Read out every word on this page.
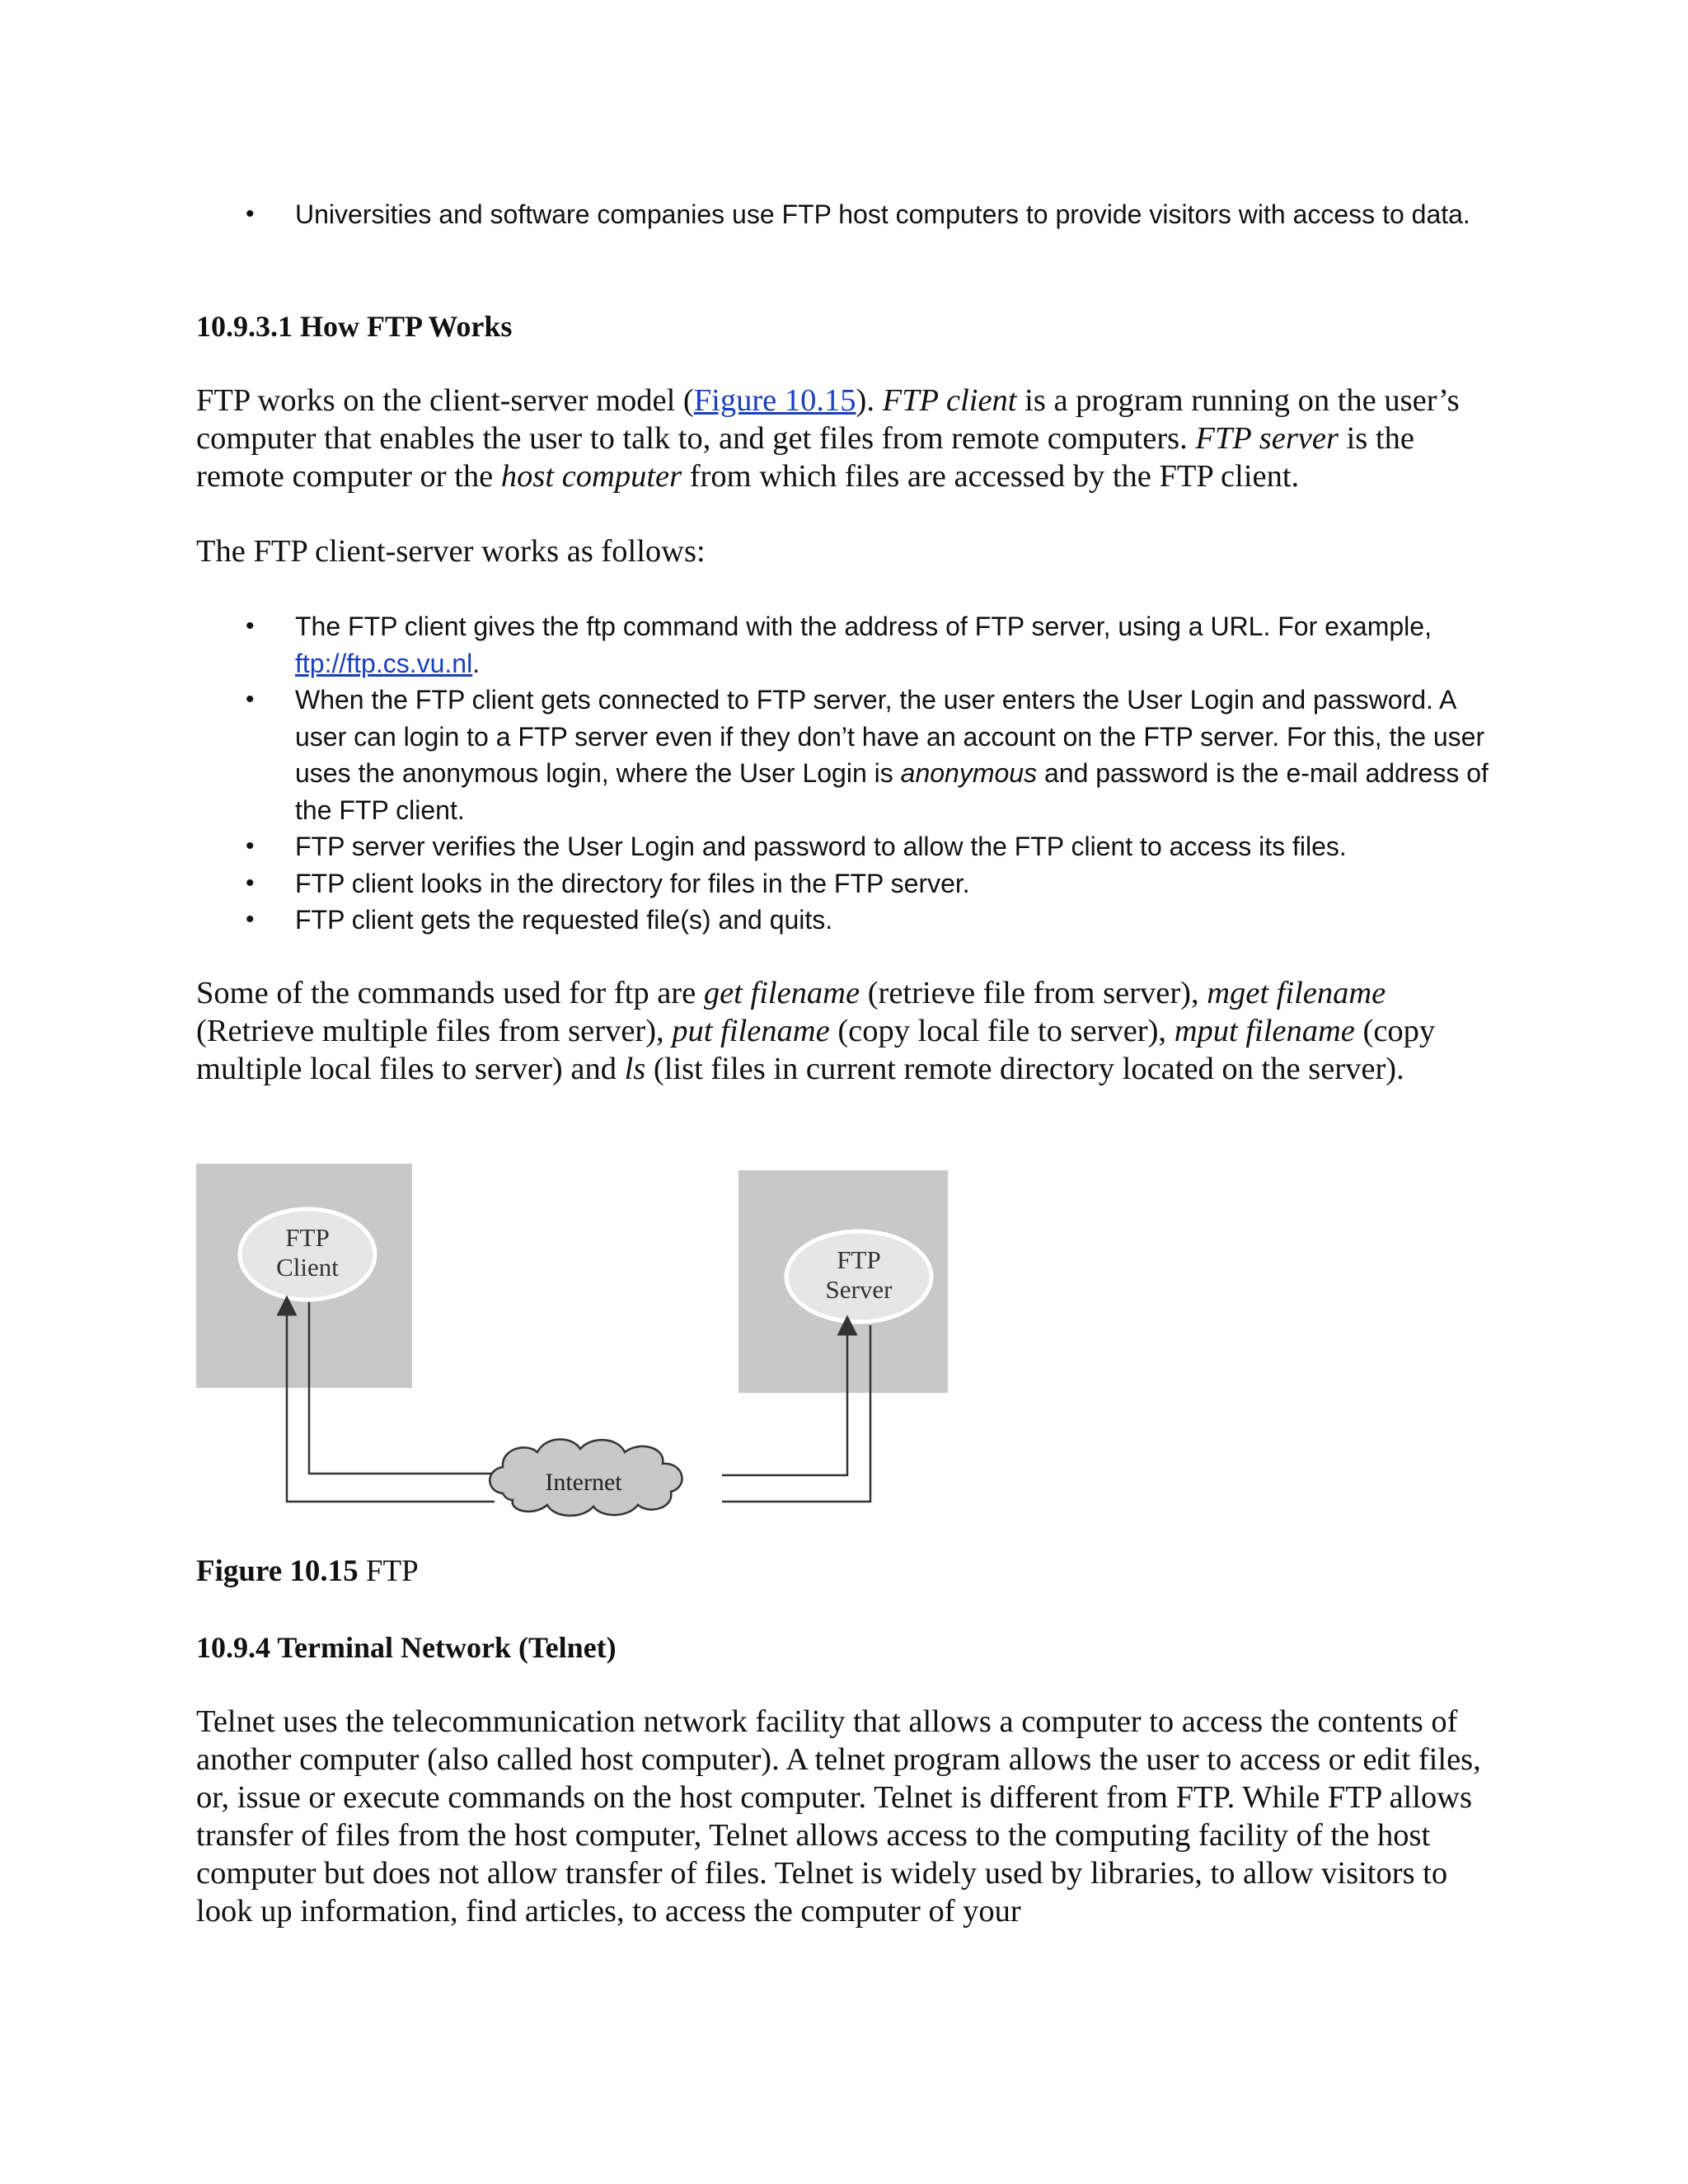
• Universities and software companies use FTP host computers to provide visitors with access to data.

10.9.3.1 How FTP Works

FTP works on the client-server model (Figure 10.15). FTP client is a program running on the user’s computer that enables the user to talk to, and get files from remote computers. FTP server is the remote computer or the host computer from which files are accessed by the FTP client.

The FTP client-server works as follows:

• The FTP client gives the ftp command with the address of FTP server, using a URL. For example, ftp://ftp.cs.vu.nl.

• When the FTP client gets connected to FTP server, the user enters the User Login and password. A user can login to a FTP server even if they don’t have an account on the FTP server. For this, the user uses the anonymous login, where the User Login is anonymous and password is the e-mail address of the FTP client.

• FTP server verifies the User Login and password to allow the FTP client to access its files.

• FTP client looks in the directory for files in the FTP server.

• FTP client gets the requested file(s) and quits.

Some of the commands used for ftp are get filename (retrieve file from server), mget filename (Retrieve multiple files from server), put filename (copy local file to server), mput filename (copy multiple local files to server) and ls (list files in current remote directory located on the server).

FTP
Client	FTP
Server
Internet

Figure 10.15 FTP

10.9.4 Terminal Network (Telnet)

Telnet uses the telecommunication network facility that allows a computer to access the contents of another computer (also called host computer). A telnet program allows the user to access or edit files, or, issue or execute commands on the host computer. Telnet is different from FTP. While FTP allows transfer of files from the host computer, Telnet allows access to the computing facility of the host computer but does not allow transfer of files. Telnet is widely used by libraries, to allow visitors to look up information, find articles, to access the computer of your
